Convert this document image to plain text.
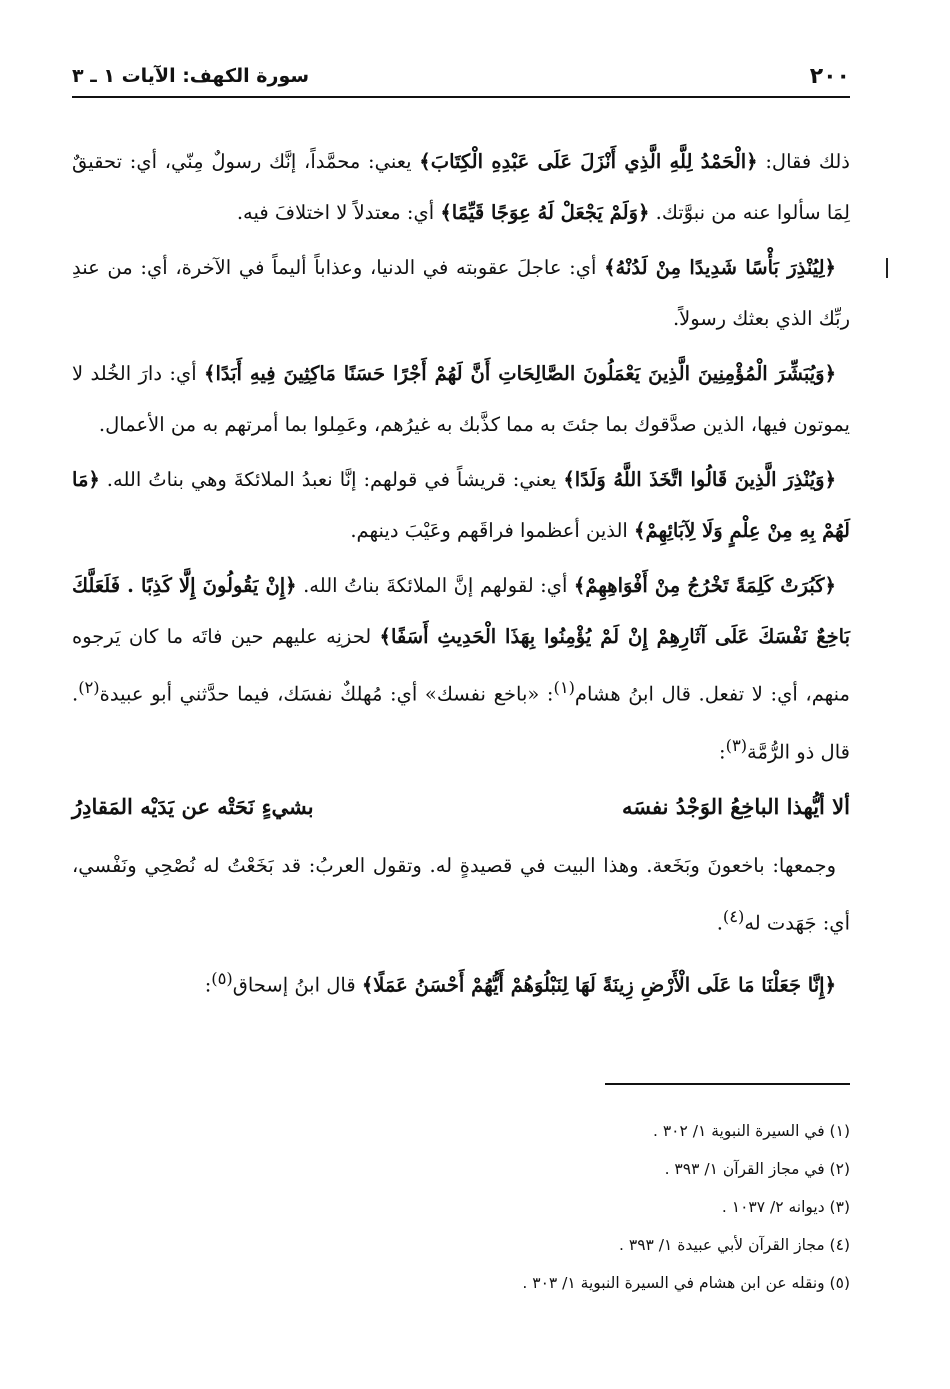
٢٠٠
سورة الكهف: الآيات ١ ـ ٣

ذلك فقال: ﴿الْحَمْدُ لِلَّهِ الَّذِي أَنْزَلَ عَلَى عَبْدِهِ الْكِتَابَ﴾ يعني: محمَّداً، إنَّك رسولٌ مِنّي، أي: تحقيقٌ لِمَا سألوا عنه من نبوَّتك. ﴿وَلَمْ يَجْعَلْ لَهُ عِوَجًا قَيِّمًا﴾ أي: معتدلاً لا اختلافَ فيه.

﴿لِيُنْذِرَ بَأْسًا شَدِيدًا مِنْ لَدُنْهُ﴾ أي: عاجلَ عقوبته في الدنيا، وعذاباً أليماً في الآخرة، أي: من عندِ ربِّك الذي بعثك رسولاً.

﴿وَيُبَشِّرَ الْمُؤْمِنِينَ الَّذِينَ يَعْمَلُونَ الصَّالِحَاتِ أَنَّ لَهُمْ أَجْرًا حَسَنًا مَاكِثِينَ فِيهِ أَبَدًا﴾ أي: دارَ الخُلد لا يموتون فيها، الذين صدَّقوك بما جئتَ به مما كذَّبك به غيرُهم، وعَمِلوا بما أمرتهم به من الأعمال.

﴿وَيُنْذِرَ الَّذِينَ قَالُوا اتَّخَذَ اللَّهُ وَلَدًا﴾ يعني: قريشاً في قولهم: إنَّا نعبدُ الملائكةَ وهي بناتُ الله. ﴿مَا لَهُمْ بِهِ مِنْ عِلْمٍ وَلَا لِآبَائِهِمْ﴾ الذين أعظموا فراقَهم وعَيْبَ دينهم.

﴿كَبُرَتْ كَلِمَةً تَخْرُجُ مِنْ أَفْوَاهِهِمْ﴾ أي: لقولهم إنَّ الملائكةَ بناتُ الله. ﴿إِنْ يَقُولُونَ إِلَّا كَذِبًا . فَلَعَلَّكَ بَاخِعٌ نَفْسَكَ عَلَى آثَارِهِمْ إِنْ لَمْ يُؤْمِنُوا بِهَذَا الْحَدِيثِ أَسَفًا﴾ لحزنِه عليهم حين فاتَه ما كان يَرجوه منهم، أي: لا تفعل. قال ابنُ هشام$^{(١)}$: «باخع نفسك» أي: مُهلكٌ نفسَك، فيما حدَّثني أبو عبيدة$^{(٢)}$. قال ذو الرُّمَّة$^{(٣)}$:

ألا أيُّهذا الباخِعُ الوَجْدُ نفسَه
بشيءٍ نَحَتْه عن يَدَيْه المَقادِرُ

وجمعها: باخعونَ وبَخَعة. وهذا البيت في قصيدةٍ له. وتقول العربُ: قد بَخَعْتُ له نُصْحِي ونَفْسي، أي: جَهَدت له$^{(٤)}$.

﴿إِنَّا جَعَلْنَا مَا عَلَى الْأَرْضِ زِينَةً لَهَا لِنَبْلُوَهُمْ أَيُّهُمْ أَحْسَنُ عَمَلًا﴾ قال ابنُ إسحاق$^{(٥)}$:

(١) في السيرة النبوية ١/ ٣٠٢ .
(٢) في مجاز القرآن ١/ ٣٩٣ .
(٣) ديوانه ٢/ ١٠٣٧ .
(٤) مجاز القرآن لأبي عبيدة ١/ ٣٩٣ .
(٥) ونقله عن ابن هشام في السيرة النبوية ١/ ٣٠٣ .
